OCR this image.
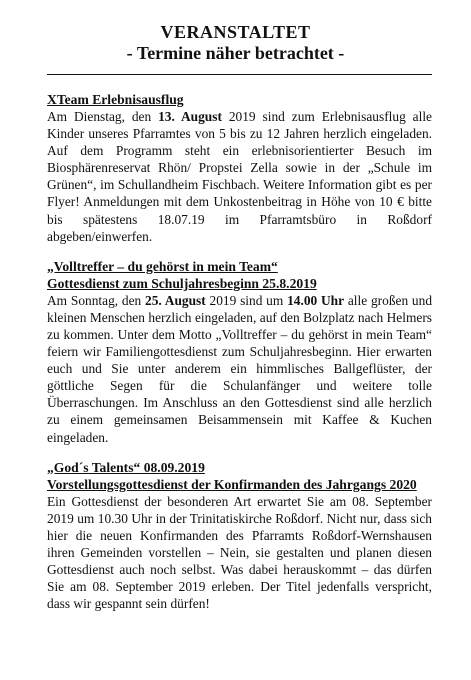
VERANSTALTET
- Termine näher betrachtet -
XTeam Erlebnisausflug
Am Dienstag, den 13. August 2019 sind zum Erlebnisausflug alle Kinder unseres Pfarramtes von 5 bis zu 12 Jahren herzlich eingeladen. Auf dem Programm steht ein erlebnisorientierter Besuch im Biosphärenreservat Rhön/ Propstei Zella sowie in der „Schule im Grünen“, im Schullandheim Fischbach. Weitere Information gibt es per Flyer! Anmeldungen mit dem Unkostenbeitrag in Höhe von 10 € bitte bis spätestens 18.07.19 im Pfarramtsbüro in Roßdorf abgeben/einwerfen.
„Volltreffer – du gehörst in mein Team“
Gottesdienst zum Schuljahresbeginn 25.8.2019
Am Sonntag, den 25. August 2019 sind um 14.00 Uhr alle großen und kleinen Menschen herzlich eingeladen, auf den Bolzplatz nach Helmers zu kommen. Unter dem Motto „Volltreffer – du gehörst in mein Team“ feiern wir Familiengottesdienst zum Schuljahresbeginn. Hier erwarten euch und Sie unter anderem ein himmlisches Ballgeflüster, der göttliche Segen für die Schulanfänger und weitere tolle Überraschungen. Im Anschluss an den Gottesdienst sind alle herzlich zu einem gemeinsamen Beisammensein mit Kaffee & Kuchen eingeladen.
„God´s Talents“ 08.09.2019
Vorstellungsgottesdienst der Konfirmanden des Jahrgangs 2020
Ein Gottesdienst der besonderen Art erwartet Sie am 08. September 2019 um 10.30 Uhr in der Trinitatiskirche Roßdorf. Nicht nur, dass sich hier die neuen Konfirmanden des Pfarramts Roßdorf-Wernshausen ihren Gemeinden vorstellen – Nein, sie gestalten und planen diesen Gottesdienst auch noch selbst. Was dabei herauskommt – das dürfen Sie am 08. September 2019 erleben. Der Titel jedenfalls verspricht, dass wir gespannt sein dürfen!
